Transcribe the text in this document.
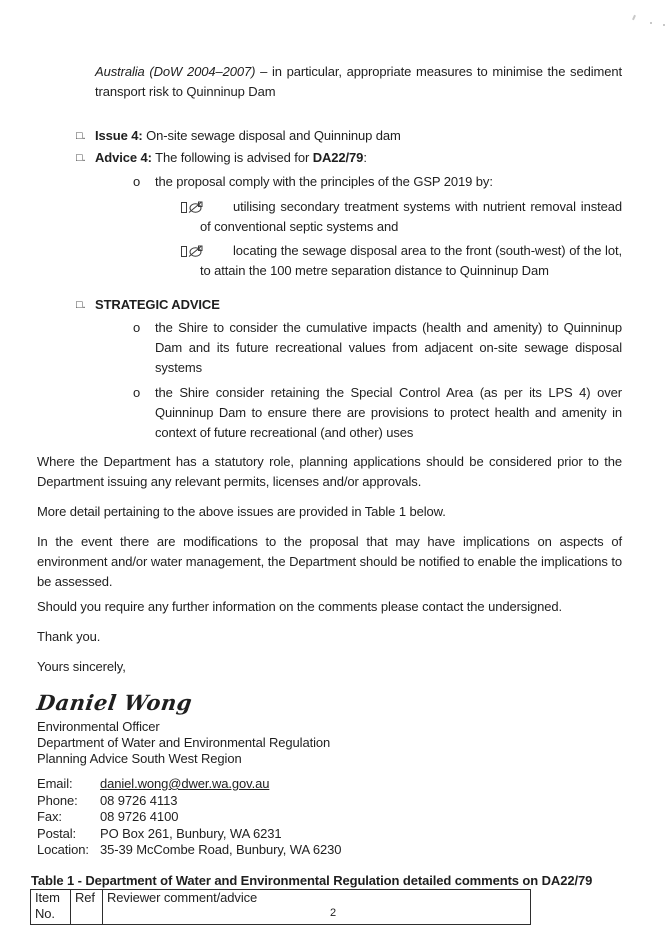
Australia (DoW 2004–2007) – in particular, appropriate measures to minimise the sediment transport risk to Quinninup Dam

□. Issue 4: On-site sewage disposal and Quinninup dam
□. Advice 4: The following is advised for DA22/79:
o	the proposal comply with the principles of the GSP 2019 by:
utilising secondary treatment systems with nutrient removal instead of conventional septic systems and
locating the sewage disposal area to the front (south-west) of the lot, to attain the 100 metre separation distance to Quinninup Dam
□. STRATEGIC ADVICE
o	the Shire to consider the cumulative impacts (health and amenity) to Quinninup Dam and its future recreational values from adjacent on-site sewage disposal systems
o	the Shire consider retaining the Special Control Area (as per its LPS 4) over Quinninup Dam to ensure there are provisions to protect health and amenity in context of future recreational (and other) uses

Where the Department has a statutory role, planning applications should be considered prior to the Department issuing any relevant permits, licenses and/or approvals.

More detail pertaining to the above issues are provided in Table 1 below.

In the event there are modifications to the proposal that may have implications on aspects of environment and/or water management, the Department should be notified to enable the implications to be assessed.

Should you require any further information on the comments please contact the undersigned.

Thank you.

Yours sincerely,

Daniel Wong
Environmental Officer
Department of Water and Environmental Regulation
Planning Advice South West Region
Email:	daniel.wong@dwer.wa.gov.au
Phone:	08 9726 4113
Fax:	08 9726 4100
Postal:	PO Box 261, Bunbury, WA 6231
Location: 35-39 McCombe Road, Bunbury, WA 6230

Table 1 - Department of Water and Environmental Regulation detailed comments on DA22/79

Item No.	Ref	Reviewer comment/advice
2
